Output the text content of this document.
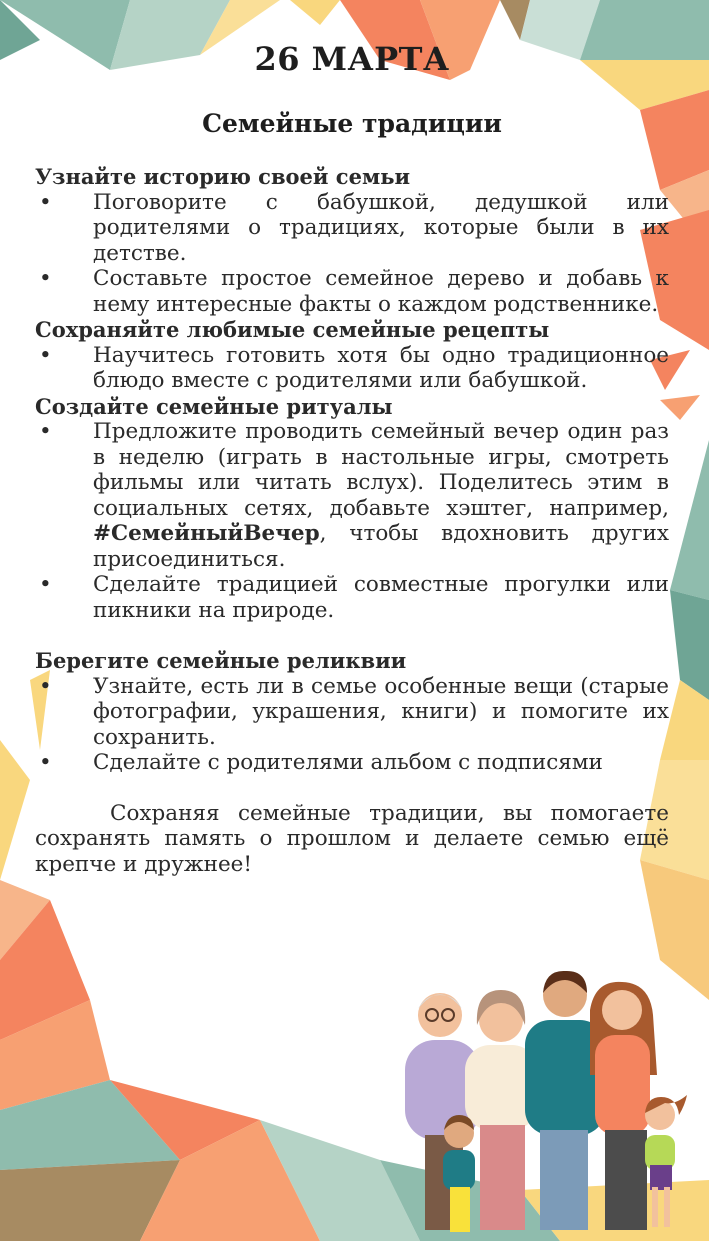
26 МАРТА
Семейные традиции
Узнайте историю своей семьи
• Поговорите с бабушкой, дедушкой или родителями о традициях, которые были в их детстве.
• Составьте простое семейное дерево и добавь к нему интересные факты о каждом родственнике.
Сохраняйте любимые семейные рецепты
• Научитесь готовить хотя бы одно традиционное блюдо вместе с родителями или бабушкой.
Создайте семейные ритуалы
• Предложите проводить семейный вечер один раз в неделю (играть в настольные игры, смотреть фильмы или читать вслух). Поделитесь этим в социальных сетях, добавьте хэштег, например, #СемейныйВечер, чтобы вдохновить других присоединиться.
• Сделайте традицией совместные прогулки или пикники на природе.
Берегите семейные реликвии
• Узнайте, есть ли в семье особенные вещи (старые фотографии, украшения, книги) и помогите их сохранить.
• Сделайте с родителями альбом с подписями
Сохраняя семейные традиции, вы помогаете сохранять память о прошлом и делаете семью ещё крепче и дружнее!
